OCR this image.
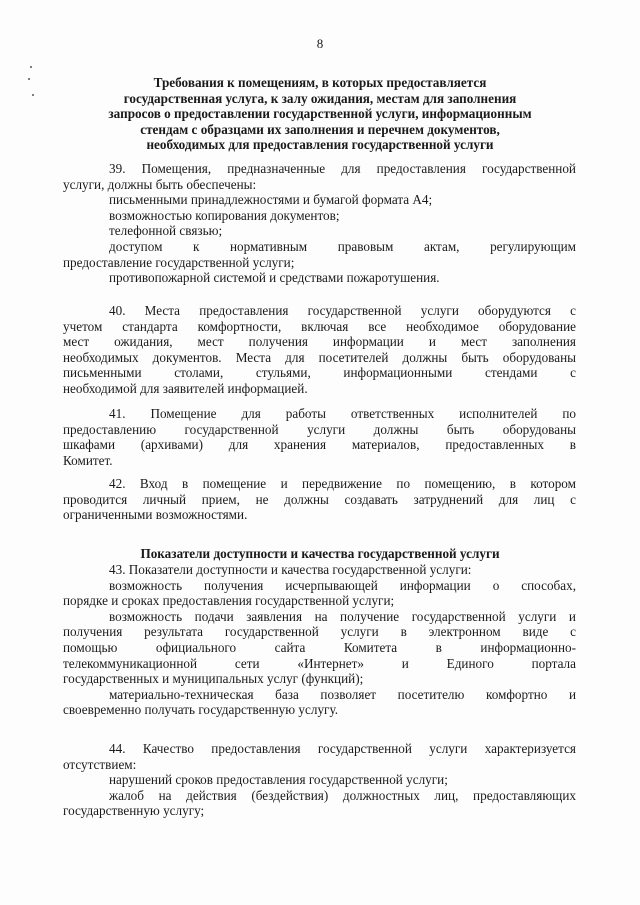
8

Требования к помещениям, в которых предоставляется

государственная услуга, к залу ожидания, местам для заполнения

запросов о предоставлении государственной услуги, информационным

стендам с образцами их заполнения и перечнем документов,

необходимых для предоставления государственной услуги

39. Помещения, предназначенные для предоставления государственной

услуги, должны быть обеспечены:

письменными принадлежностями и бумагой формата А4;

возможностью копирования документов;

телефонной связью;

доступом к нормативным правовым актам, регулирующим

предоставление государственной услуги;

противопожарной системой и средствами пожаротушения.

40. Места предоставления государственной услуги оборудуются с

учетом стандарта комфортности, включая все необходимое оборудование

мест ожидания, мест получения информации и мест заполнения

необходимых документов. Места для посетителей должны быть оборудованы

письменными столами, стульями, информационными стендами с

необходимой для заявителей информацией.

41. Помещение для работы ответственных исполнителей по

предоставлению государственной услуги должны быть оборудованы

шкафами (архивами) для хранения материалов, предоставленных в

Комитет.

42. Вход в помещение и передвижение по помещению, в котором

проводится личный прием, не должны создавать затруднений для лиц с

ограниченными возможностями.

Показатели доступности и качества государственной услуги

43. Показатели доступности и качества государственной услуги:

возможность получения исчерпывающей информации о способах,

порядке и сроках предоставления государственной услуги;

возможность подачи заявления на получение государственной услуги и

получения результата государственной услуги в электронном виде с

помощью официального сайта Комитета в информационно-

телекоммуникационной сети «Интернет» и Единого портала

государственных и муниципальных услуг (функций);

материально-техническая база позволяет посетителю комфортно и

своевременно получать государственную услугу.

44. Качество предоставления государственной услуги характеризуется

отсутствием:

нарушений сроков предоставления государственной услуги;

жалоб на действия (бездействия) должностных лиц, предоставляющих

государственную услугу;
